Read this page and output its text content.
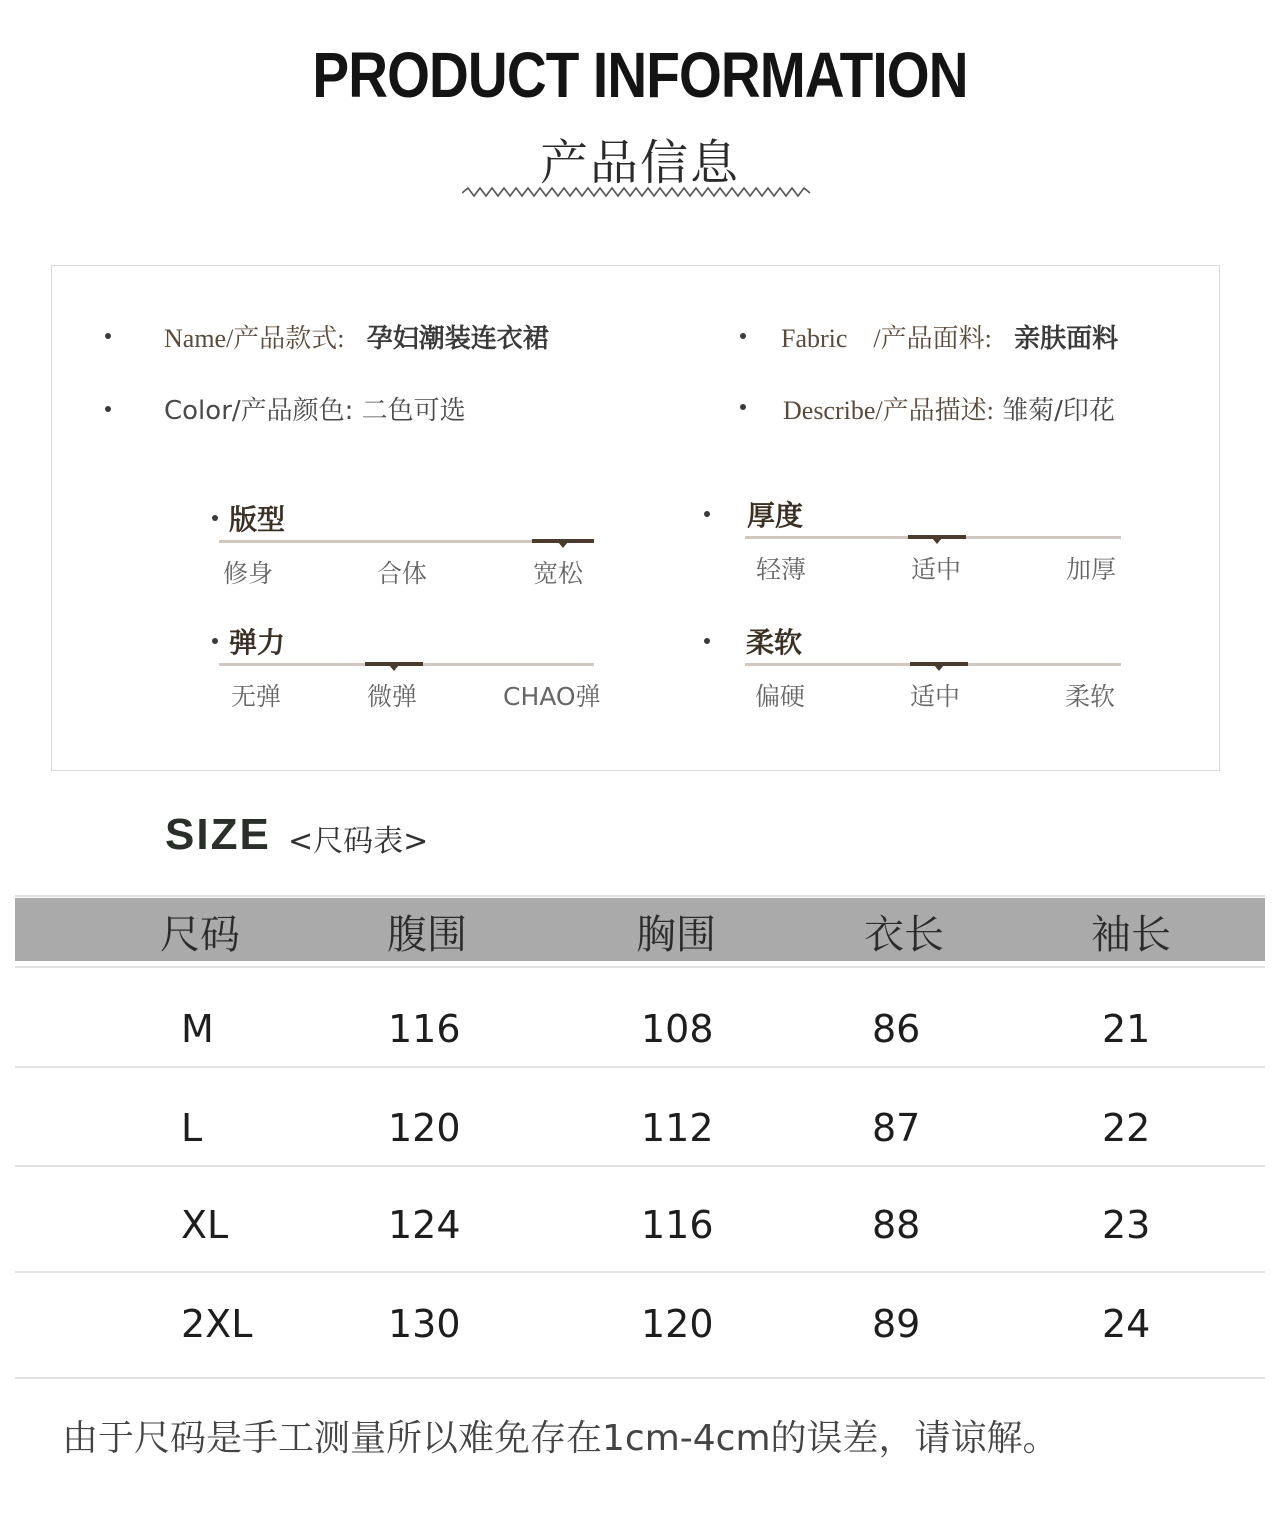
PRODUCT INFORMATION
产品信息
Name/产品款式: 孕妇潮装连衣裙	Fabric　/产品面料: 亲肤面料
Color/产品颜色: 二色可选	Describe/产品描述: 雏菊/印花
版型
修身	合体	宽松
厚度
轻薄	适中	加厚
弹力
无弹	微弹	CHAO弹
柔软
偏硬	适中	柔软
SIZE <尺码表>
尺码	腹围	胸围	衣长	袖长
M	116	108	86	21
L	120	112	87	22
XL	124	116	88	23
2XL	130	120	89	24
由于尺码是手工测量所以难免存在1cm-4cm的误差，请谅解。
